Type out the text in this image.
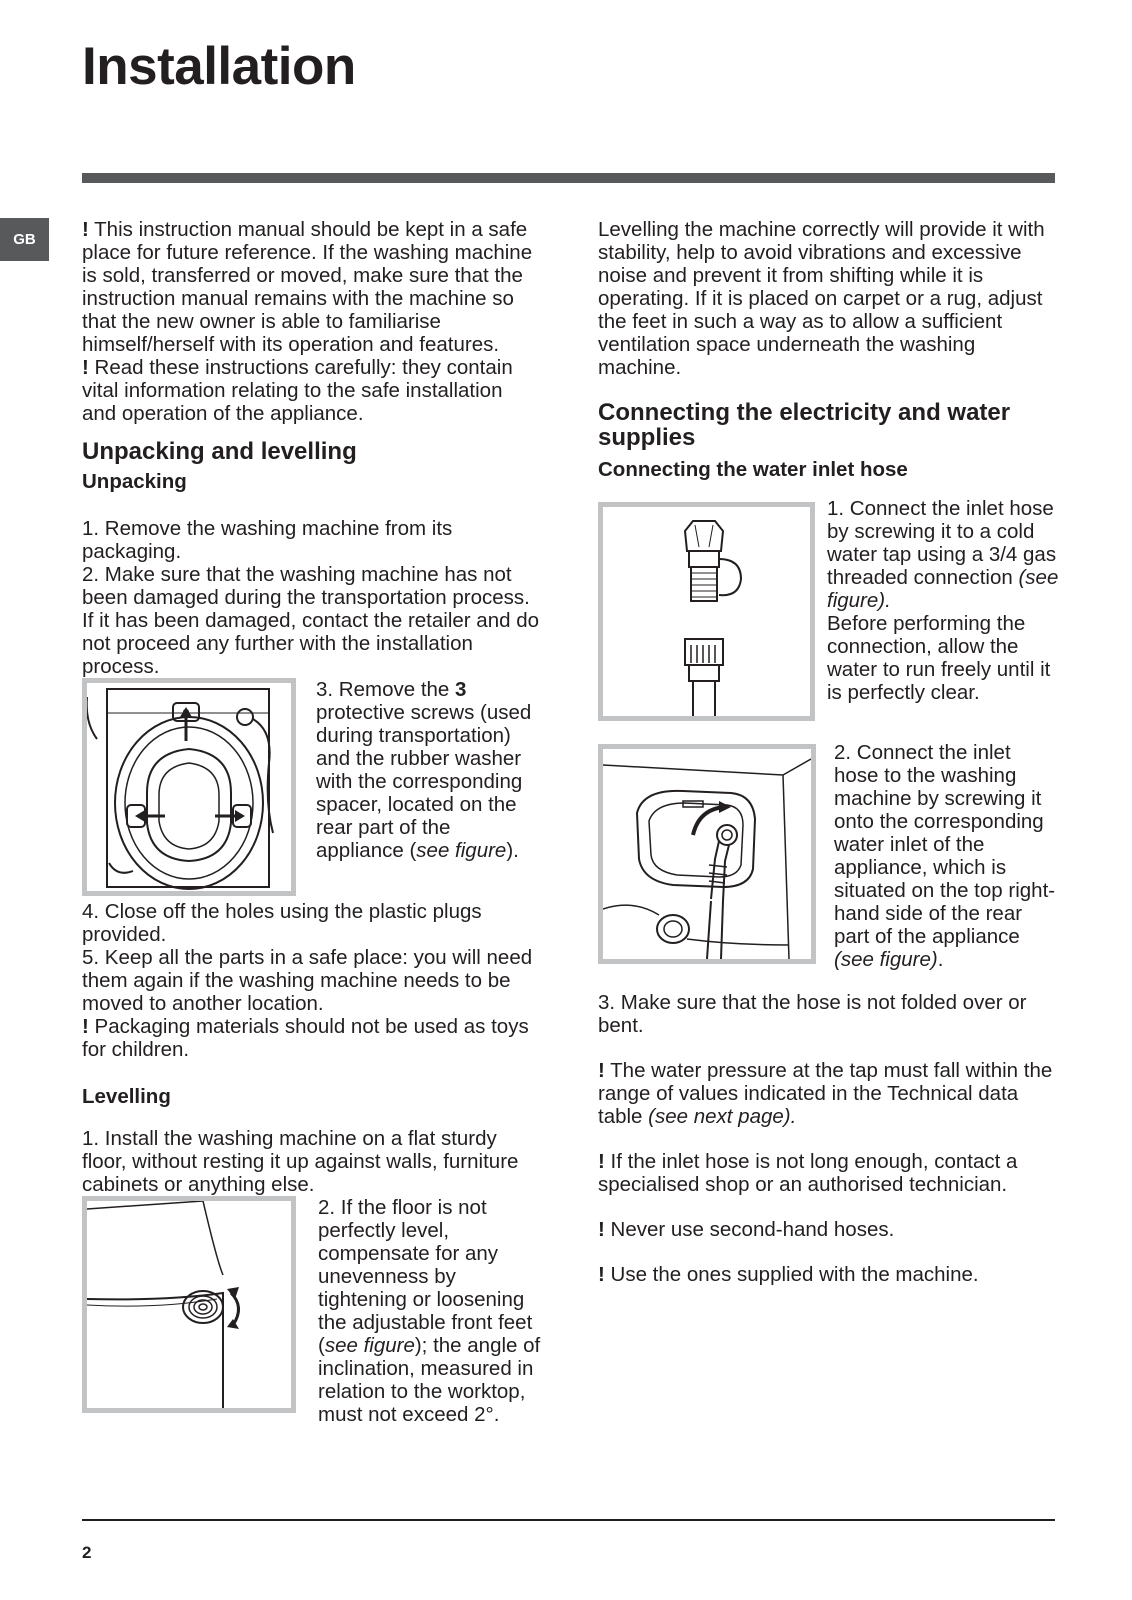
Installation
GB	! This instruction manual should be kept in a safe place for future reference. If the washing machine is sold, transferred or moved, make sure that the instruction manual remains with the machine so that the new owner is able to familiarise himself/herself with its operation and features.

! Read these instructions carefully: they contain vital information relating to the safe installation and operation of the appliance.

Unpacking and levelling
Unpacking

1. Remove the washing machine from its packaging.

2. Make sure that the washing machine has not been damaged during the transportation process. If it has been damaged, contact the retailer and do not proceed any further with the installation process.

3. Remove the 3 protective screws (used during transportation) and the rubber washer with the corresponding spacer, located on the rear part of the appliance (see figure).

4. Close off the holes using the plastic plugs provided.

5. Keep all the parts in a safe place: you will need them again if the washing machine needs to be moved to another location.

! Packaging materials should not be used as toys for children.

Levelling

1. Install the washing machine on a flat sturdy floor, without resting it up against walls, furniture cabinets or anything else.

2. If the floor is not perfectly level, compensate for any unevenness by tightening or loosening the adjustable front feet (see figure); the angle of inclination, measured in relation to the worktop, must not exceed 2°.

Levelling the machine correctly will provide it with stability, help to avoid vibrations and excessive noise and prevent it from shifting while it is operating. If it is placed on carpet or a rug, adjust the feet in such a way as to allow a sufficient ventilation space underneath the washing machine.

Connecting the electricity and water supplies
Connecting the water inlet hose

1. Connect the inlet hose by screwing it to a cold water tap using a 3/4 gas threaded connection (see figure).
Before performing the connection, allow the water to run freely until it is perfectly clear.

2. Connect the inlet hose to the washing machine by screwing it onto the corresponding water inlet of the appliance, which is situated on the top right-hand side of the rear part of the appliance (see figure).

3. Make sure that the hose is not folded over or bent.

! The water pressure at the tap must fall within the range of values indicated in the Technical data table (see next page).

! If the inlet hose is not long enough, contact a specialised shop or an authorised technician.

! Never use second-hand hoses.

! Use the ones supplied with the machine.

2
